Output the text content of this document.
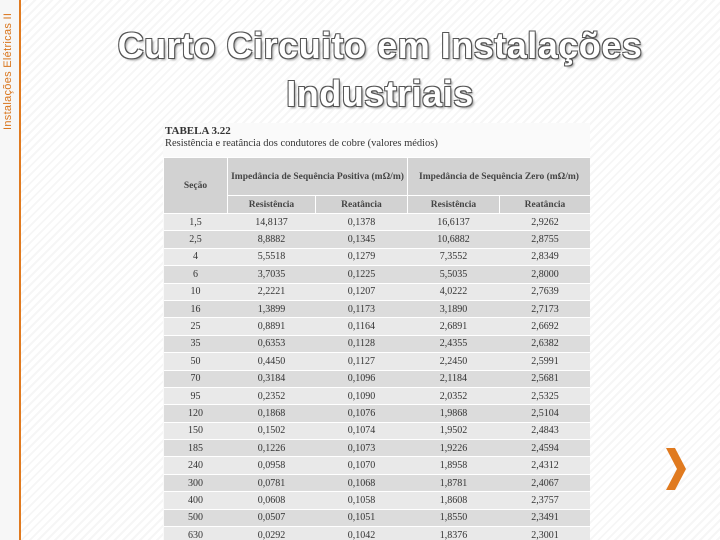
Instalações Elétricas II	Curto Circuito em Instalações
Industriais
TABELA 3.22
Resistência e reatância dos condutores de cobre (valores médios)
Seção	Impedância de Sequência Positiva (mΩ/m)		Impedância de Sequência Zero (mΩ/m)	
	Resistência	Reatância	Resistência	Reatância
1,5	14,8137	0,1378	16,6137	2,9262
2,5	8,8882	0,1345	10,6882	2,8755
4	5,5518	0,1279	7,3552	2,8349
6	3,7035	0,1225	5,5035	2,8000
10	2,2221	0,1207	4,0222	2,7639
16	1,3899	0,1173	3,1890	2,7173
25	0,8891	0,1164	2,6891	2,6692
35	0,6353	0,1128	2,4355	2,6382
50	0,4450	0,1127	2,2450	2,5991
70	0,3184	0,1096	2,1184	2,5681
95	0,2352	0,1090	2,0352	2,5325
120	0,1868	0,1076	1,9868	2,5104
150	0,1502	0,1074	1,9502	2,4843
185	0,1226	0,1073	1,9226	2,4594
240	0,0958	0,1070	1,8958	2,4312
300	0,0781	0,1068	1,8781	2,4067
400	0,0608	0,1058	1,8608	2,3757
500	0,0507	0,1051	1,8550	2,3491
630	0,0292	0,1042	1,8376	2,3001
